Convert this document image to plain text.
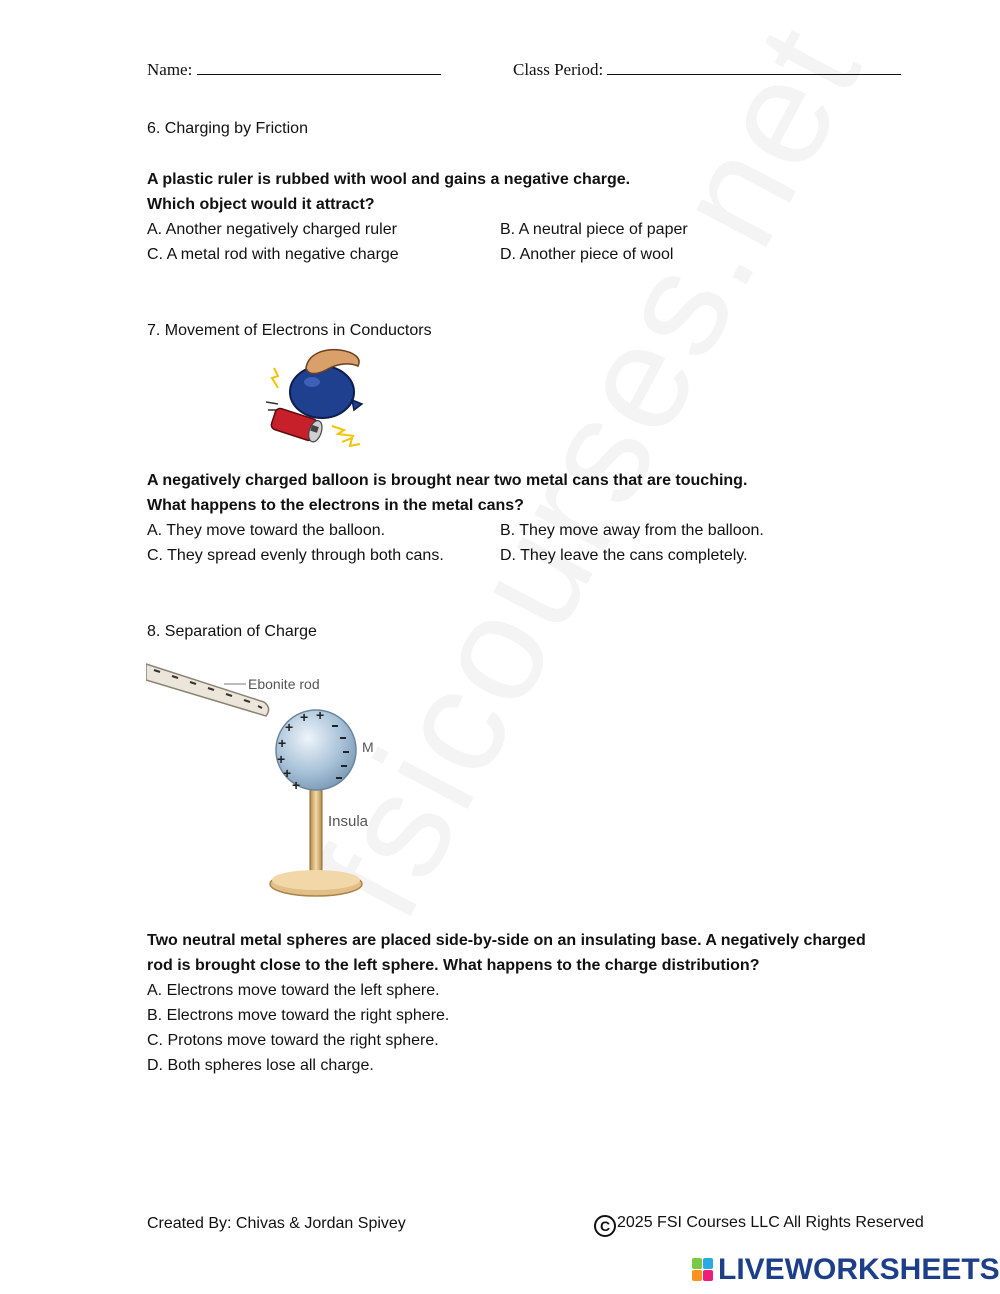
Name:	Class Period:
6. Charging by Friction
A plastic ruler is rubbed with wool and gains a negative charge.
Which object would it attract?
A. Another negatively charged ruler	B. A neutral piece of paper
C. A metal rod with negative charge	D. Another piece of wool
7. Movement of Electrons in Conductors
A negatively charged balloon is brought near two metal cans that are touching.
What happens to the electrons in the metal cans?
A. They move toward the balloon.	B. They move away from the balloon.
C. They spread evenly through both cans.	D. They leave the cans completely.
8. Separation of Charge
Ebonite rod
+
+ +
+
+
+
+
M
Insula
Two neutral metal spheres are placed side-by-side on an insulating base. A negatively charged
rod is brought close to the left sphere. What happens to the charge distribution?
A. Electrons move toward the left sphere.
B. Electrons move toward the right sphere.
C. Protons move toward the right sphere.
D. Both spheres lose all charge.
Created By: Chivas & Jordan Spivey	C 2025 FSI Courses LLC All Rights Reserved
LIVEWORKSHEETS
